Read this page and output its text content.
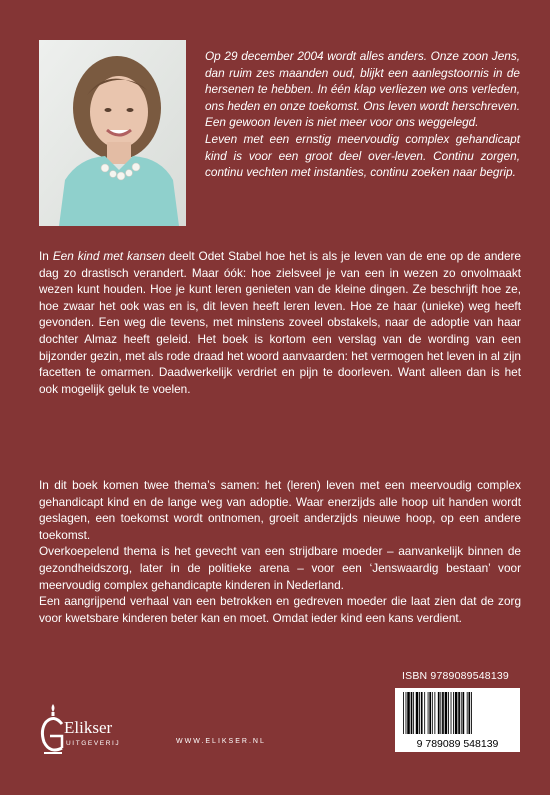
Op 29 december 2004 wordt alles anders. Onze zoon Jens, dan ruim zes maanden oud, blijkt een aanlegstoornis in de hersenen te hebben. In één klap verliezen we ons verleden, ons heden en onze toekomst. Ons leven wordt herschreven. Een gewoon leven is niet meer voor ons weggelegd.

Leven met een ernstig meervoudig complex gehandicapt kind is voor een groot deel over-leven. Continu zorgen, continu vechten met instanties, continu zoeken naar begrip.

In Een kind met kansen deelt Odet Stabel hoe het is als je leven van de ene op de andere dag zo drastisch verandert. Maar óók: hoe zielsveel je van een in wezen zo onvolmaakt wezen kunt houden. Hoe je kunt leren genieten van de kleine dingen. Ze beschrijft hoe ze, hoe zwaar het ook was en is, dit leven heeft leren leven. Hoe ze haar (unieke) weg heeft gevonden. Een weg die tevens, met minstens zoveel obstakels, naar de adoptie van haar dochter Almaz heeft geleid. Het boek is kortom een verslag van de wording van een bijzonder gezin, met als rode draad het woord aanvaarden: het vermogen het leven in al zijn facetten te omarmen. Daadwerkelijk verdriet en pijn te doorleven. Want alleen dan is het ook mogelijk geluk te voelen.

In dit boek komen twee thema’s samen: het (leren) leven met een meervoudig complex gehandicapt kind en de lange weg van adoptie. Waar enerzijds alle hoop uit handen wordt geslagen, een toekomst wordt ontnomen, groeit anderzijds nieuwe hoop, op een andere toekomst.

Overkoepelend thema is het gevecht van een strijdbare moeder – aanvankelijk binnen de gezondheidszorg, later in de politieke arena – voor een ‘Jenswaardig bestaan’ voor meervoudig complex gehandicapte kinderen in Nederland.

Een aangrijpend verhaal van een betrokken en gedreven moeder die laat zien dat de zorg voor kwetsbare kinderen beter kan en moet. Omdat ieder kind een kans verdient.

ISBN 9789089548139
9 789089 548139
Elikser
UITGEVERIJ	WWW.ELIKSER.NL
